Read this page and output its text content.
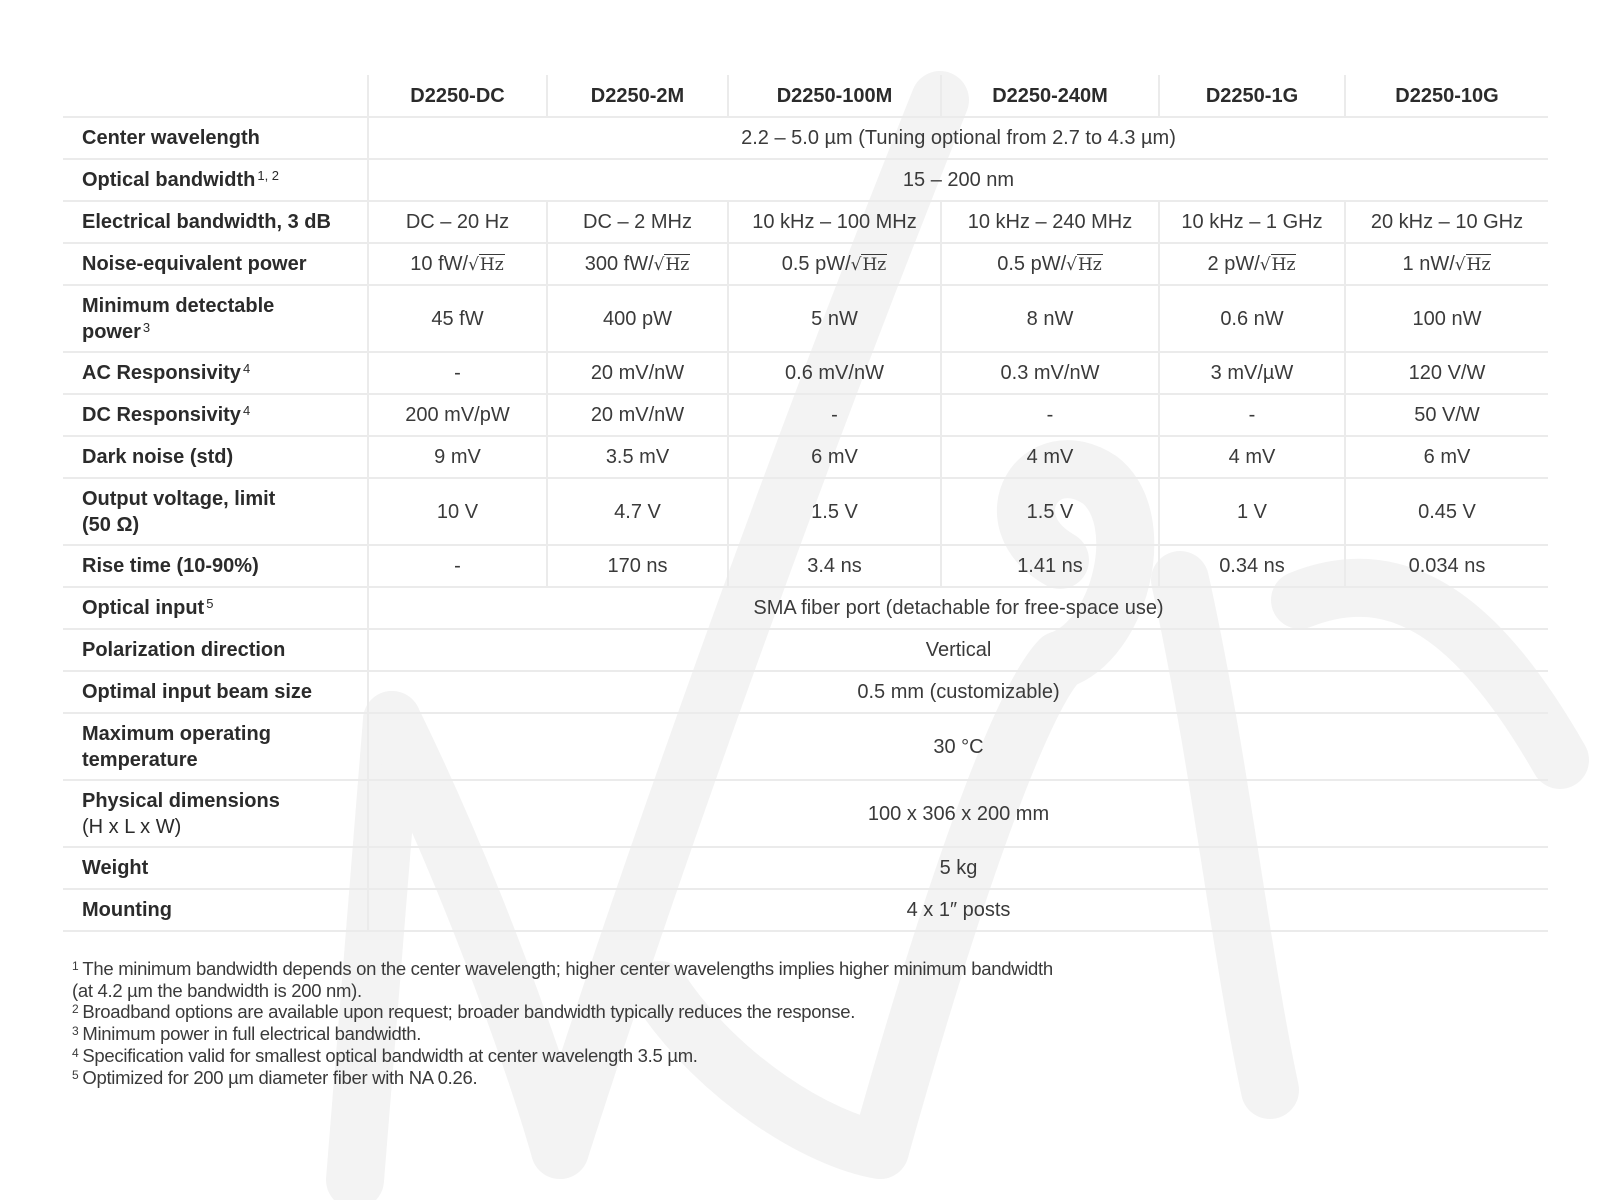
	D2250-DC	D2250-2M	D2250-100M	D2250-240M	D2250-1G	D2250-10G
Center wavelength	2.2 – 5.0 µm (Tuning optional from 2.7 to 4.3 µm)					
Optical bandwidth $^{1, 2}$	15 – 200 nm					
Electrical bandwidth, 3 dB	DC – 20 Hz	DC – 2 MHz	10 kHz – 100 MHz	10 kHz – 240 MHz	10 kHz – 1 GHz	20 kHz – 10 GHz
Noise-equivalent power	10 fW/√Hz	300 fW/√Hz	0.5 pW/√Hz	0.5 pW/√Hz	2 pW/√Hz	1 nW/√Hz
Minimum detectable
power $^3$	45 fW	400 pW	5 nW	8 nW	0.6 nW	100 nW
AC Responsivity $^4$	-	20 mV/nW	0.6 mV/nW	0.3 mV/nW	3 mV/µW	120 V/W
DC Responsivity $^4$	200 mV/pW	20 mV/nW	-	-	-	50 V/W
Dark noise (std)	9 mV	3.5 mV	6 mV	4 mV	4 mV	6 mV
Output voltage, limit
(50 Ω)	10 V	4.7 V	1.5 V	1.5 V	1 V	0.45 V
Rise time (10-90%)	-	170 ns	3.4 ns	1.41 ns	0.34 ns	0.034 ns
Optical input $^5$	SMA fiber port (detachable for free-space use)					
Polarization direction	Vertical					
Optimal input beam size	0.5 mm (customizable)					
Maximum operating
temperature	30 °C					
Physical dimensions
(H x L x W)	100 x 306 x 200 mm					
Weight	5 kg					
Mounting	4 x 1″ posts					
$^1$ The minimum bandwidth depends on the center wavelength; higher center wavelengths implies higher minimum bandwidth
(at 4.2 µm the bandwidth is 200 nm).
$^2$ Broadband options are available upon request; broader bandwidth typically reduces the response.
$^3$ Minimum power in full electrical bandwidth.
$^4$ Specification valid for smallest optical bandwidth at center wavelength 3.5 µm.
$^5$ Optimized for 200 µm diameter fiber with NA 0.26.
